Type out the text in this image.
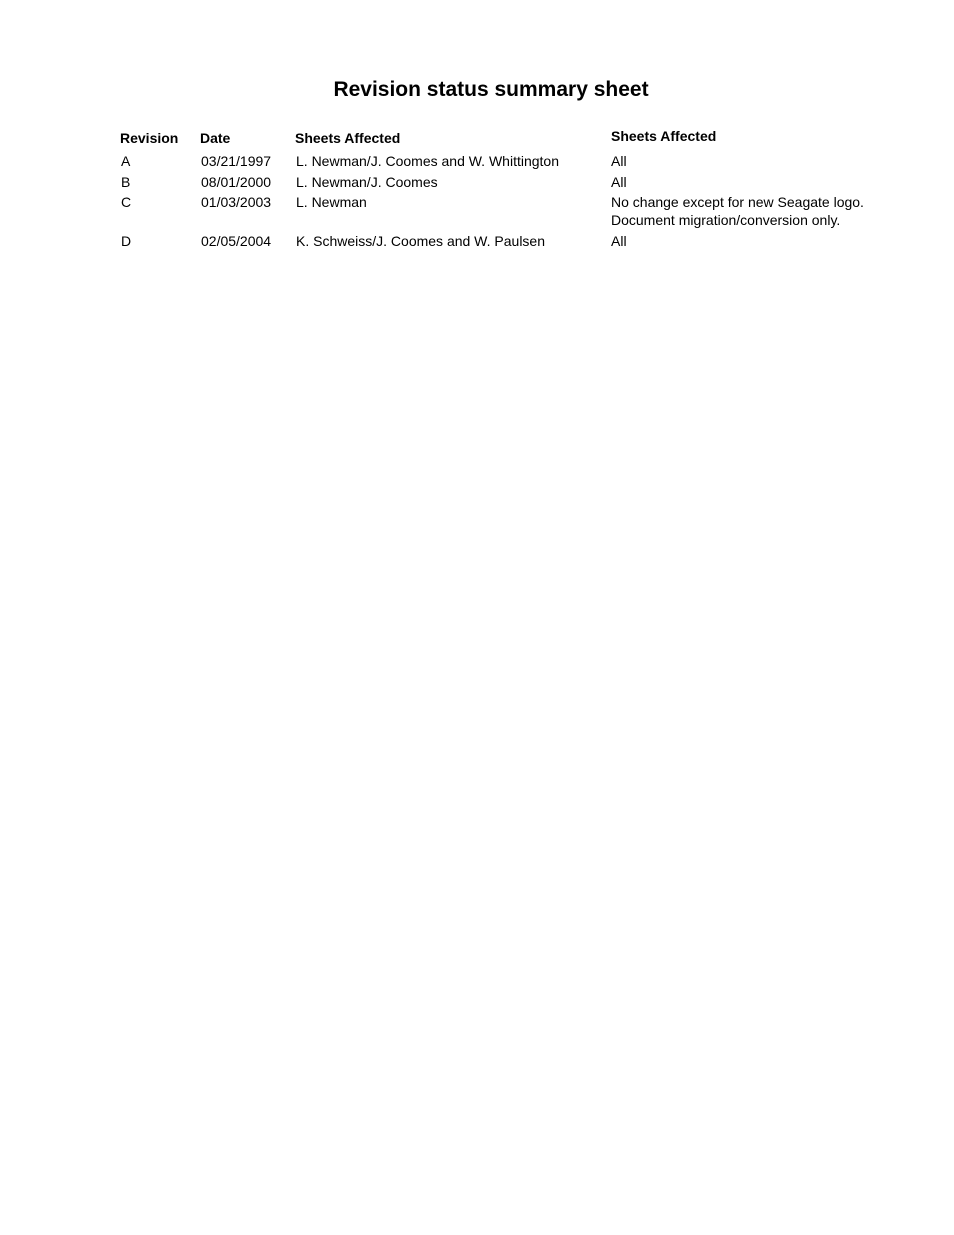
Revision status summary sheet
Revision Date	Sheets Affected	Sheets Affected
A	03/21/1997 L. Newman/J. Coomes and W. Whittington	All
B	08/01/2000 L. Newman/J. Coomes	All
C	01/03/2003 L. Newman	No change except for new Seagate logo.
Document migration/conversion only.
D	02/05/2004 K. Schweiss/J. Coomes and W. Paulsen	All
